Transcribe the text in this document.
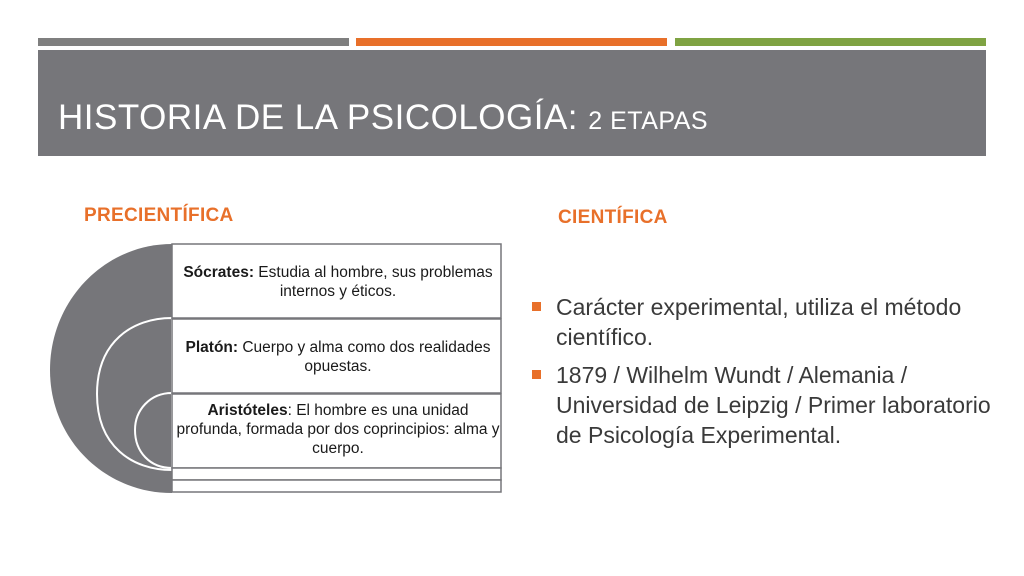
HISTORIA DE LA PSICOLOGÍA: 2 ETAPAS
PRECIENTÍFICA	CIENTÍFICA
Sócrates: Estudia al hombre, sus problemas internos y éticos.
Platón: Cuerpo y alma como dos realidades opuestas.
Aristóteles: El hombre es una unidad profunda, formada por dos coprincipios: alma y cuerpo.
Carácter experimental, utiliza el método científico.
1879 / Wilhelm Wundt / Alemania / Universidad de Leipzig / Primer laboratorio de Psicología Experimental.
